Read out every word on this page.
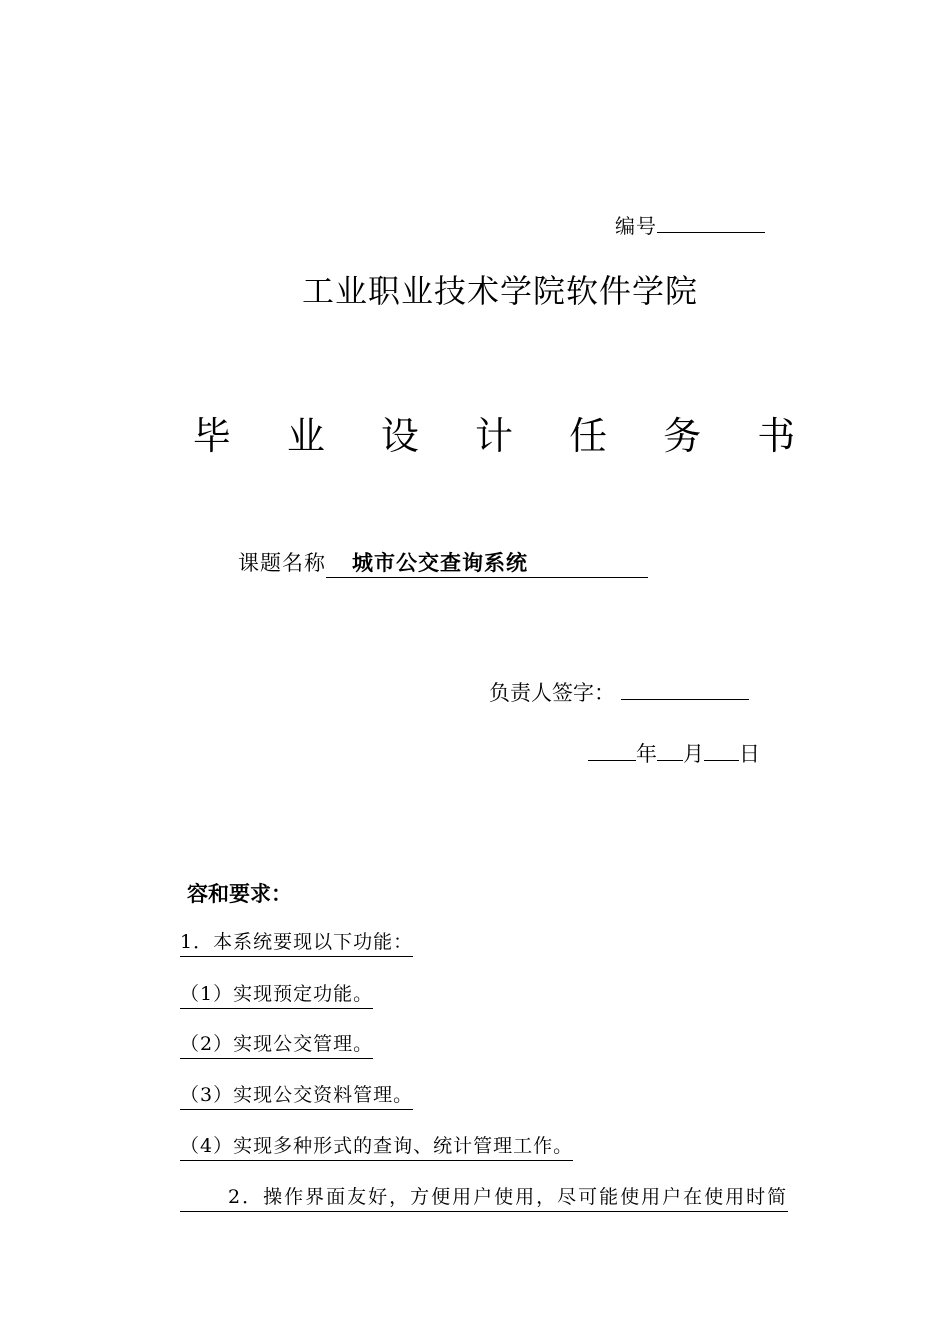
编号
工业职业技术学院软件学院
毕 业 设 计 任 务 书
课题名称 城市公交查询系统
负责人签字：
年 月 日
容和要求：
1．本系统要现以下功能：
（1）实现预定功能。
（2）实现公交管理。
（3）实现公交资料管理。
（4）实现多种形式的查询、统计管理工作。
2．操作界面友好，方便用户使用，尽可能使用户在使用时简
